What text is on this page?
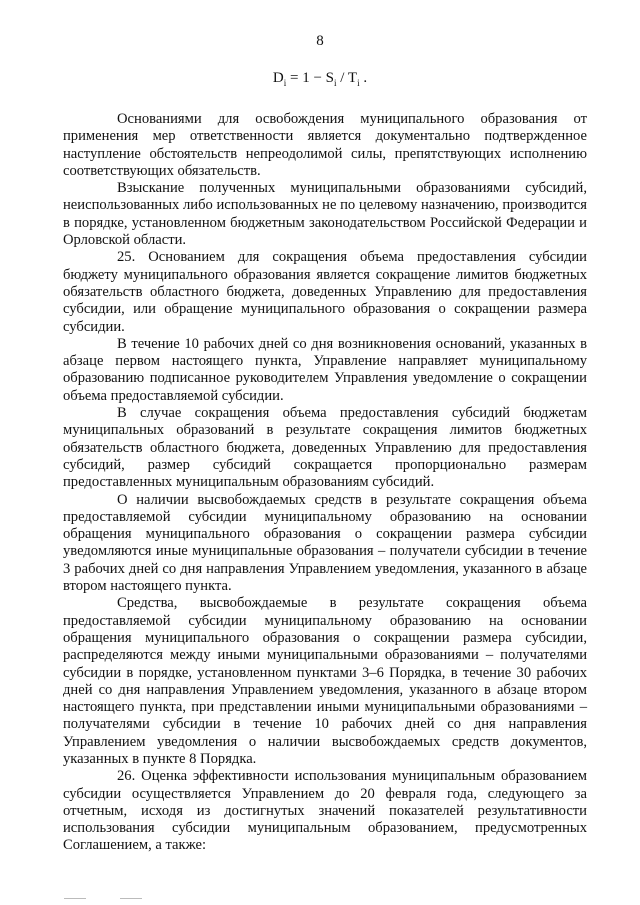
8
$D_i = 1 - S_i / T_i$ .

Основаниями для освобождения муниципального образования от применения мер ответственности является документально подтвержденное наступление обстоятельств непреодолимой силы, препятствующих исполнению соответствующих обязательств.

Взыскание полученных муниципальными образованиями субсидий, неиспользованных либо использованных не по целевому назначению, производится в порядке, установленном бюджетным законодательством Российской Федерации и Орловской области.

25. Основанием для сокращения объема предоставления субсидии бюджету муниципального образования является сокращение лимитов бюджетных обязательств областного бюджета, доведенных Управлению для предоставления субсидии, или обращение муниципального образования о сокращении размера субсидии.

В течение 10 рабочих дней со дня возникновения оснований, указанных в абзаце первом настоящего пункта, Управление направляет муниципальному образованию подписанное руководителем Управления уведомление о сокращении объема предоставляемой субсидии.

В случае сокращения объема предоставления субсидий бюджетам муниципальных образований в результате сокращения лимитов бюджетных обязательств областного бюджета, доведенных Управлению для предоставления субсидий, размер субсидий сокращается пропорционально размерам предоставленных муниципальным образованиям субсидий.

О наличии высвобождаемых средств в результате сокращения объема предоставляемой субсидии муниципальному образованию на основании обращения муниципального образования о сокращении размера субсидии уведомляются иные муниципальные образования – получатели субсидии в течение 3 рабочих дней со дня направления Управлением уведомления, указанного в абзаце втором настоящего пункта.

Средства, высвобождаемые в результате сокращения объема предоставляемой субсидии муниципальному образованию на основании обращения муниципального образования о сокращении размера субсидии, распределяются между иными муниципальными образованиями – получателями субсидии в порядке, установленном пунктами 3–6 Порядка, в течение 30 рабочих дней со дня направления Управлением уведомления, указанного в абзаце втором настоящего пункта, при представлении иными муниципальными образованиями – получателями субсидии в течение 10 рабочих дней со дня направления Управлением уведомления о наличии высвобождаемых средств документов, указанных в пункте 8 Порядка.

26. Оценка эффективности использования муниципальным образованием субсидии осуществляется Управлением до 20 февраля года, следующего за отчетным, исходя из достигнутых значений показателей результативности использования субсидии муниципальным образованием, предусмотренных Соглашением, а также:
